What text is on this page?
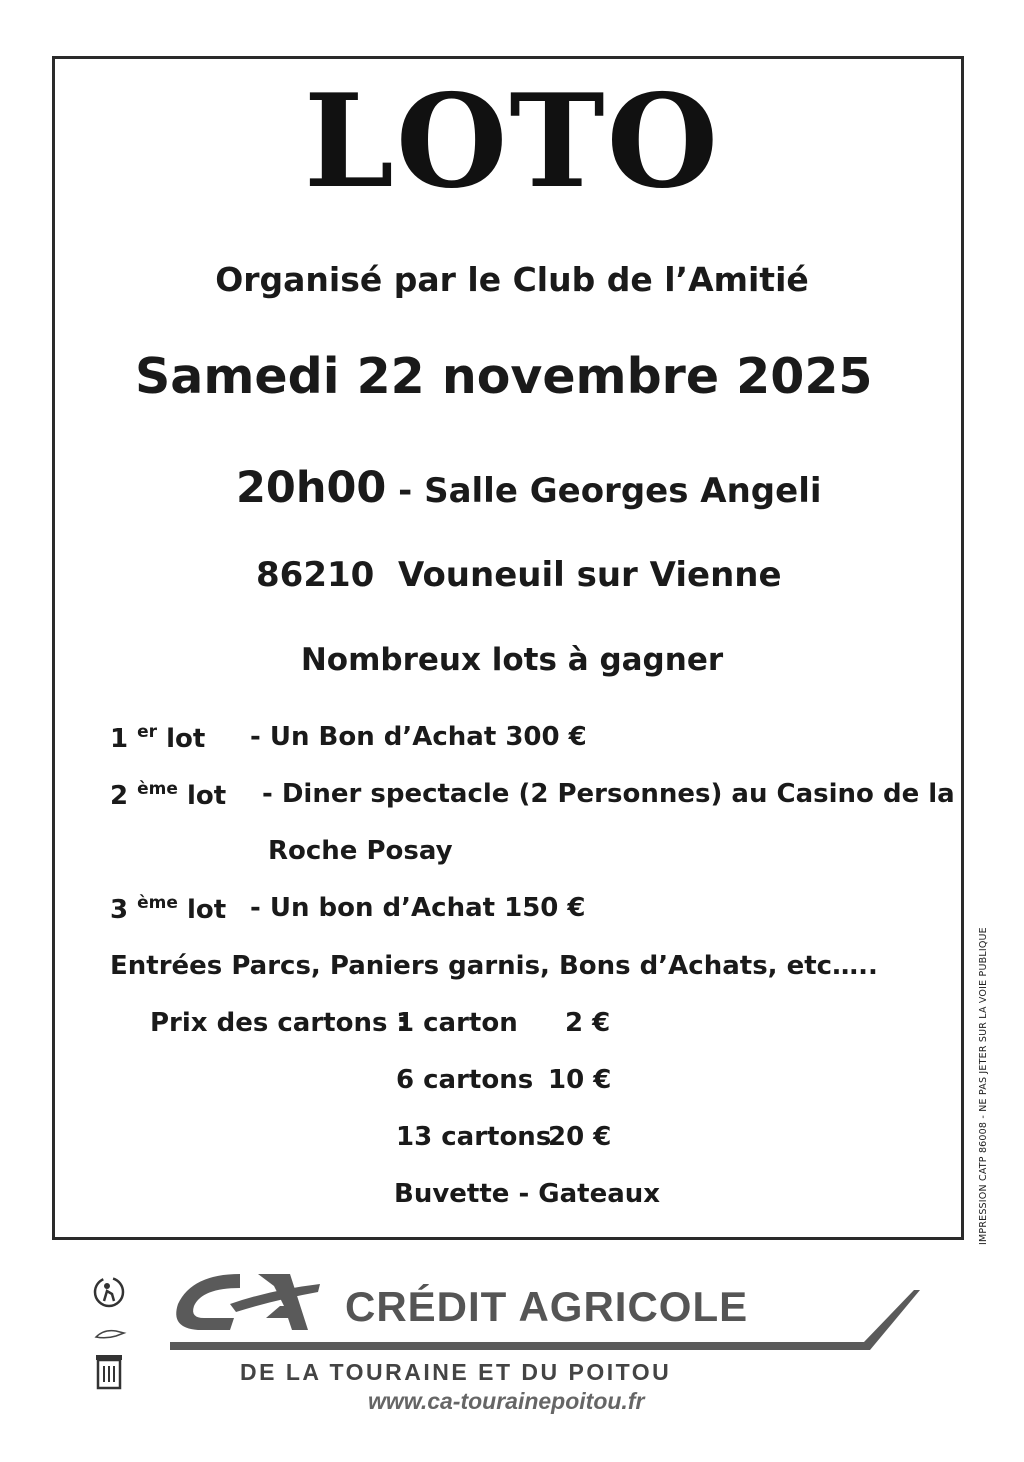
LOTO
Organisé par le Club de l’Amitié
Samedi 22 novembre 2025
20h00 - Salle Georges Angeli
86210 Vouneuil sur Vienne
Nombreux lots à gagner
1 $^{er}$ lot - Un Bon d’Achat 300 €
2 $^{ème}$ lot - Diner spectacle (2 Personnes) au Casino de la
Roche Posay
3 $^{ème}$ lot - Un bon d’Achat 150 €
Entrées Parcs, Paniers garnis, Bons d’Achats, etc…..
Prix des cartons :
1 carton 2 €
6 cartons 10 €
13 cartons
20 €
Buvette - Gateaux	IMPRESSION CATP 86008 - NE PAS JETER SUR LA VOIE PUBLIQUE
CRÉDIT AGRICOLE
DE LA TOURAINE ET DU POITOU
www.ca-tourainepoitou.fr
